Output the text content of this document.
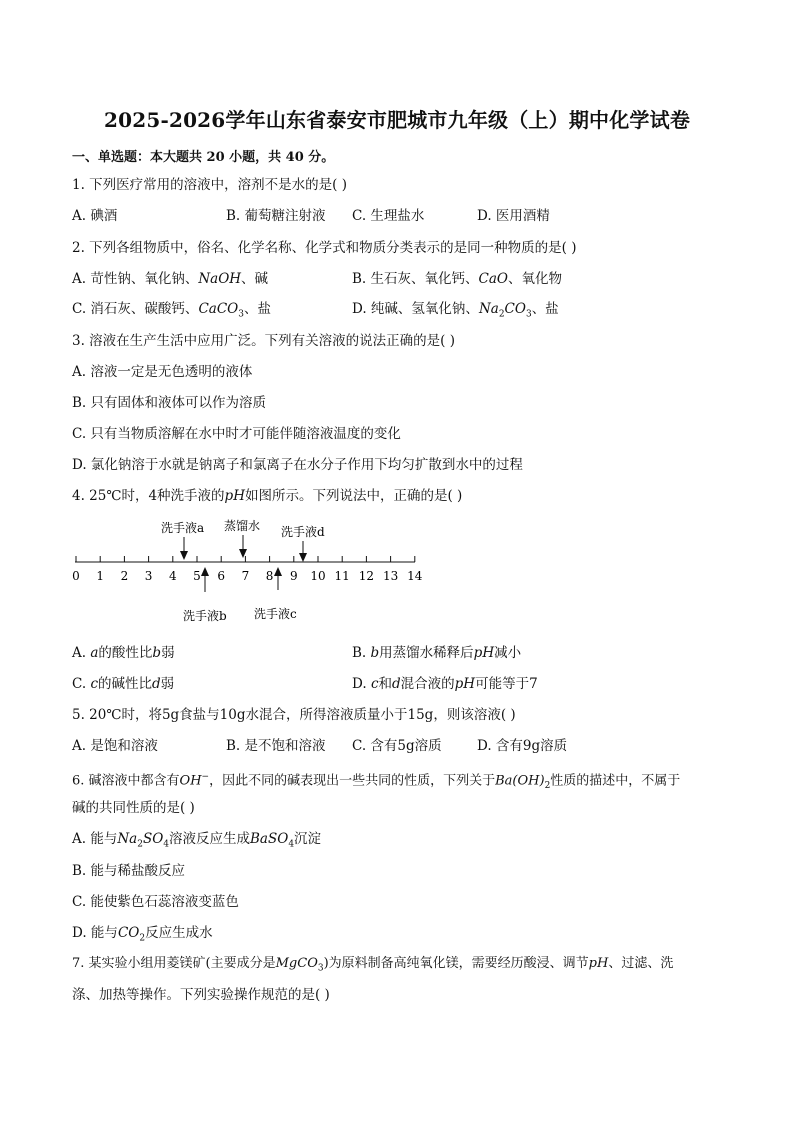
2025-2026学年山东省泰安市肥城市九年级（上）期中化学试卷
一、单选题：本大题共 20 小题，共 40 分。
1. 下列医疗常用的溶液中，溶剂不是水的是( )
A. 碘酒	B. 葡萄糖注射液 C. 生理盐水	D. 医用酒精
2. 下列各组物质中，俗名、化学名称、化学式和物质分类表示的是同一种物质的是( )
A. 苛性钠、氧化钠、NaOH、碱	B. 生石灰、氧化钙、CaO、氧化物
C. 消石灰、碳酸钙、CaCO$_3$、盐	D. 纯碱、氢氧化钠、$Na_2CO_3$、盐
3. 溶液在生产生活中应用广泛。下列有关溶液的说法正确的是( )
A. 溶液一定是无色透明的液体
B. 只有固体和液体可以作为溶质
C. 只有当物质溶解在水中时才可能伴随溶液温度的变化
D. 氯化钠溶于水就是钠离子和氯离子在水分子作用下均匀扩散到水中的过程
4. 25℃时，4种洗手液的pH如图所示。下列说法中，正确的是( )
0 1 2 3 4 5 6 7 8 9 10 11 12 13 14
洗手液a 蒸馏水 洗手液d
洗手液b 洗手液c
A. a的酸性比b弱	B. b用蒸馏水稀释后pH减小
C. c的碱性比d弱	D. c和d混合液的pH可能等于7
5. 20℃时，将5g食盐与10g水混合，所得溶液质量小于15g，则该溶液( )
A. 是饱和溶液	B. 是不饱和溶液 C. 含有5g溶质	D. 含有9g溶质
6. 碱溶液中都含有OH−，因此不同的碱表现出一些共同的性质，下列关于$Ba(OH)_2$性质的描述中，不属于
碱的共同性质的是( )
A. 能与$Na_2SO_4$溶液反应生成BaSO$_4$沉淀
B. 能与稀盐酸反应
C. 能使紫色石蕊溶液变蓝色
D. 能与$CO_2$反应生成水
7. 某实验小组用菱镁矿(主要成分是MgCO$_3$)为原料制备高纯氧化镁，需要经历酸浸、调节pH、过滤、洗
涤、加热等操作。下列实验操作规范的是( )
